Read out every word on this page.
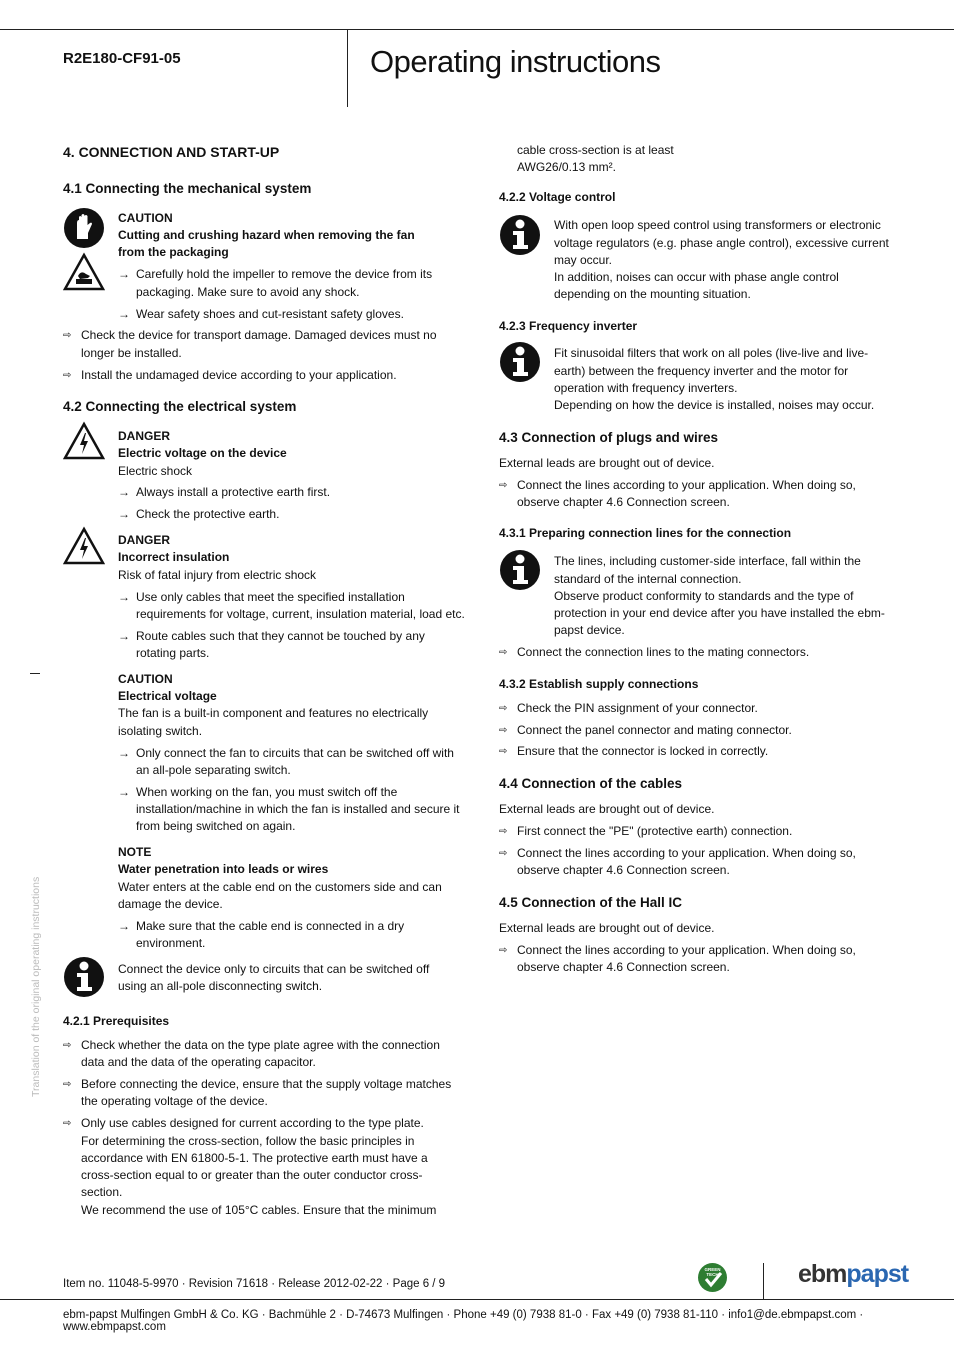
R2E180-CF91-05	Operating instructions
Translation of the original operating instructions
4. CONNECTION AND START-UP
4.1 Connecting the mechanical system
CAUTION
Cutting and crushing hazard when removing the fan
from the packaging
→ Carefully hold the impeller to remove the device from its
packaging. Make sure to avoid any shock.
→ Wear safety shoes and cut-resistant safety gloves.
⇨ Check the device for transport damage. Damaged devices must no
longer be installed.
⇨ Install the undamaged device according to your application.
4.2 Connecting the electrical system
DANGER
Electric voltage on the device
Electric shock
→ Always install a protective earth first.
→ Check the protective earth.
DANGER
Incorrect insulation
Risk of fatal injury from electric shock
→ Use only cables that meet the specified installation
requirements for voltage, current, insulation material, load etc.
→ Route cables such that they cannot be touched by any
rotating parts.
CAUTION
Electrical voltage
The fan is a built-in component and features no electrically
isolating switch.
→ Only connect the fan to circuits that can be switched off with
an all-pole separating switch.
→ When working on the fan, you must switch off the
installation/machine in which the fan is installed and secure it
from being switched on again.
NOTE
Water penetration into leads or wires
Water enters at the cable end on the customers side and can
damage the device.
→ Make sure that the cable end is connected in a dry
environment.
Connect the device only to circuits that can be switched off
using an all-pole disconnecting switch.
4.2.1 Prerequisites
⇨ Check whether the data on the type plate agree with the connection
data and the data of the operating capacitor.
⇨ Before connecting the device, ensure that the supply voltage matches
the operating voltage of the device.
⇨ Only use cables designed for current according to the type plate.
For determining the cross-section, follow the basic principles in
accordance with EN 61800-5-1. The protective earth must have a
cross-section equal to or greater than the outer conductor cross-
section.
We recommend the use of 105°C cables. Ensure that the minimum
cable cross-section is at least
AWG26/0.13 mm².
4.2.2 Voltage control
With open loop speed control using transformers or electronic
voltage regulators (e.g. phase angle control), excessive current
may occur.
In addition, noises can occur with phase angle control
depending on the mounting situation.
4.2.3 Frequency inverter
Fit sinusoidal filters that work on all poles (live-live and live-
earth) between the frequency inverter and the motor for
operation with frequency inverters.
Depending on how the device is installed, noises may occur.
4.3 Connection of plugs and wires
External leads are brought out of device.
⇨ Connect the lines according to your application. When doing so,
observe chapter 4.6 Connection screen.
4.3.1 Preparing connection lines for the connection
The lines, including customer-side interface, fall within the
standard of the internal connection.
Observe product conformity to standards and the type of
protection in your end device after you have installed the ebm-
papst device.
⇨ Connect the connection lines to the mating connectors.
4.3.2 Establish supply connections
⇨ Check the PIN assignment of your connector.
⇨ Connect the panel connector and mating connector.
⇨ Ensure that the connector is locked in correctly.
4.4 Connection of the cables
External leads are brought out of device.
⇨ First connect the "PE" (protective earth) connection.
⇨ Connect the lines according to your application. When doing so,
observe chapter 4.6 Connection screen.
4.5 Connection of the Hall IC
External leads are brought out of device.
⇨ Connect the lines according to your application. When doing so,
observe chapter 4.6 Connection screen.
Item no. 11048-5-9970 · Revision 71618 · Release 2012-02-22 · Page 6 / 9
GREEN
TECH	ebmpapst
ebm-papst Mulfingen GmbH & Co. KG · Bachmühle 2 · D-74673 Mulfingen · Phone +49 (0) 7938 81-0 · Fax +49 (0) 7938 81-110 · info1@de.ebmpapst.com · www.ebmpapst.com
